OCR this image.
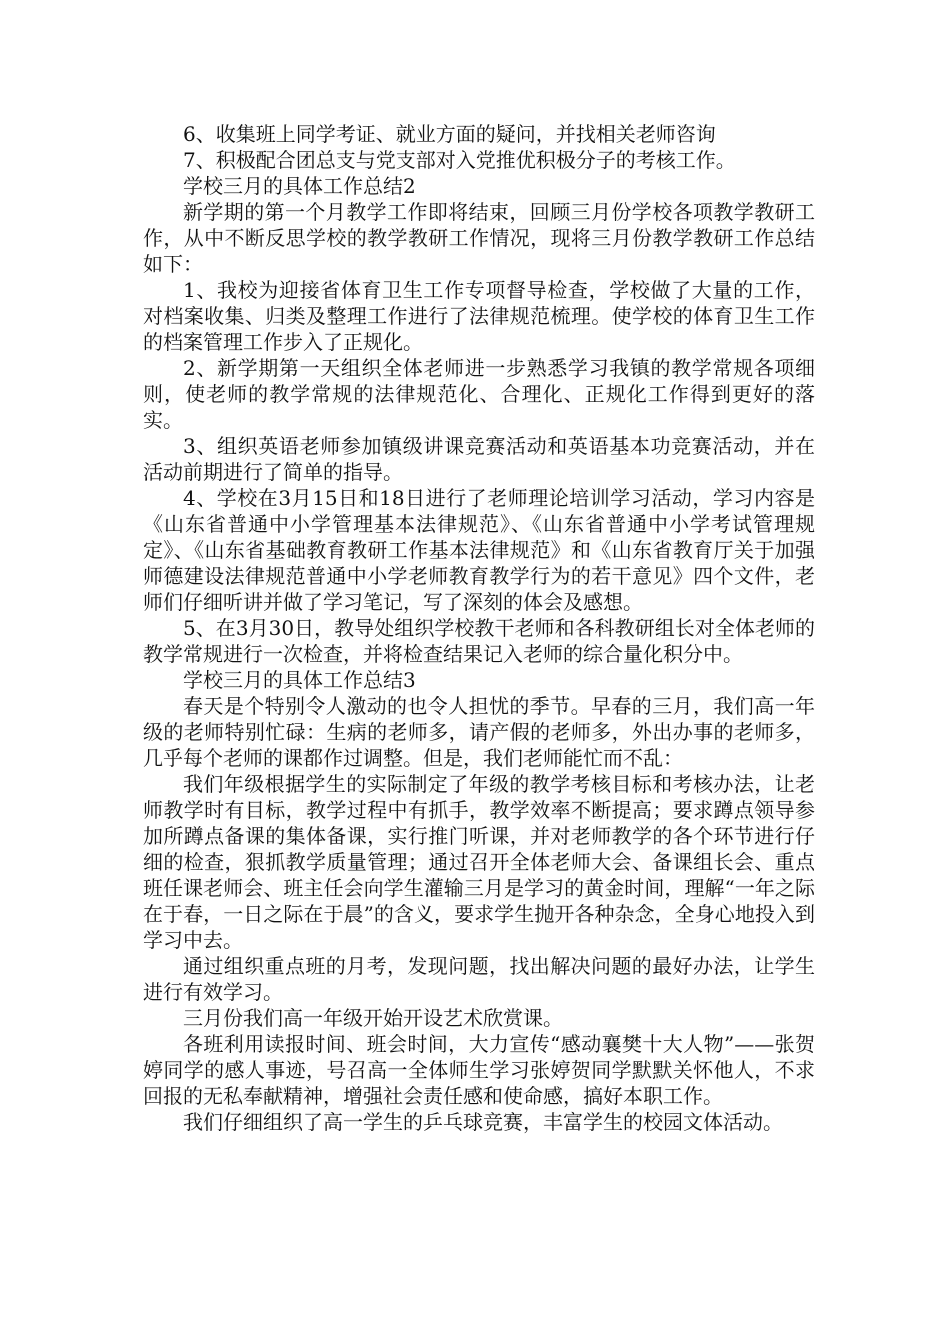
6、收集班上同学考证、就业方面的疑问，并找相关老师咨询

7、积极配合团总支与党支部对入党推优积极分子的考核工作。

学校三月的具体工作总结2

新学期的第一个月教学工作即将结束，回顾三月份学校各项教学教研工作，从中不断反思学校的教学教研工作情况，现将三月份教学教研工作总结如下：

1、我校为迎接省体育卫生工作专项督导检查，学校做了大量的工作，对档案收集、归类及整理工作进行了法律规范梳理。使学校的体育卫生工作的档案管理工作步入了正规化。

2、新学期第一天组织全体老师进一步熟悉学习我镇的教学常规各项细则，使老师的教学常规的法律规范化、合理化、正规化工作得到更好的落实。

3、组织英语老师参加镇级讲课竞赛活动和英语基本功竞赛活动，并在活动前期进行了简单的指导。

4、学校在3月15日和18日进行了老师理论培训学习活动，学习内容是《山东省普通中小学管理基本法律规范》、《山东省普通中小学考试管理规定》、《山东省基础教育教研工作基本法律规范》和《山东省教育厅关于加强师德建设法律规范普通中小学老师教育教学行为的若干意见》四个文件，老师们仔细听讲并做了学习笔记，写了深刻的体会及感想。

5、在3月30日，教导处组织学校教干老师和各科教研组长对全体老师的教学常规进行一次检查，并将检查结果记入老师的综合量化积分中。

学校三月的具体工作总结3

春天是个特别令人激动的也令人担忧的季节。早春的三月，我们高一年级的老师特别忙碌：生病的老师多，请产假的老师多，外出办事的老师多，几乎每个老师的课都作过调整。但是，我们老师能忙而不乱：

我们年级根据学生的实际制定了年级的教学考核目标和考核办法，让老师教学时有目标，教学过程中有抓手，教学效率不断提高；要求蹲点领导参加所蹲点备课的集体备课，实行推门听课，并对老师教学的各个环节进行仔细的检查，狠抓教学质量管理；通过召开全体老师大会、备课组长会、重点班任课老师会、班主任会向学生灌输三月是学习的黄金时间，理解“一年之际在于春，一日之际在于晨”的含义，要求学生抛开各种杂念，全身心地投入到学习中去。

通过组织重点班的月考，发现问题，找出解决问题的最好办法，让学生进行有效学习。

三月份我们高一年级开始开设艺术欣赏课。

各班利用读报时间、班会时间，大力宣传“感动襄樊十大人物”——张贺婷同学的感人事迹，号召高一全体师生学习张婷贺同学默默关怀他人，不求回报的无私奉献精神，增强社会责任感和使命感，搞好本职工作。

我们仔细组织了高一学生的乒乓球竞赛，丰富学生的校园文体活动。
